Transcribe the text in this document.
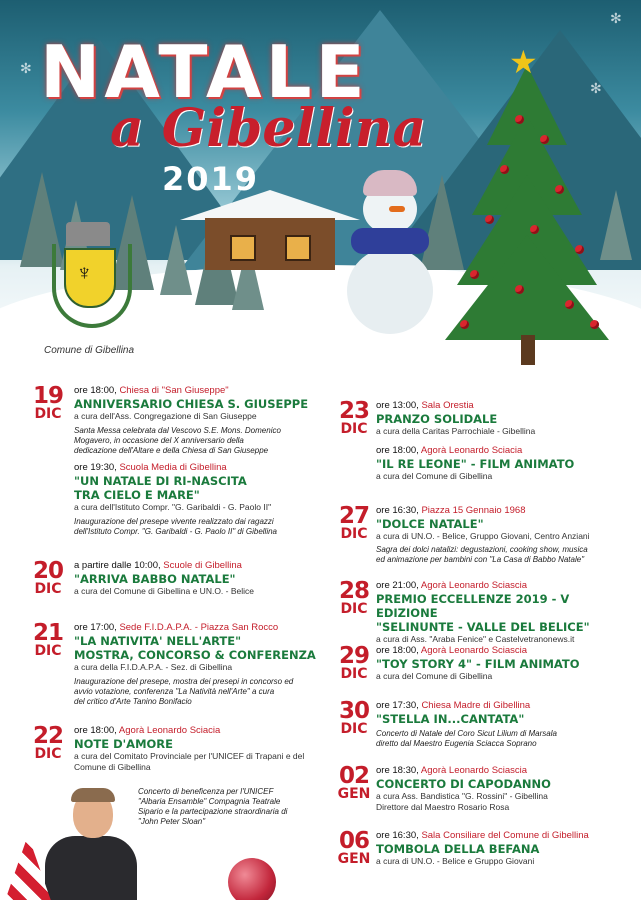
✻
✻
✻
★
NATALE
a Gibellina
2019
♆
Comune di Gibellina
19
DIC
ore 18:00, Chiesa di "San Giuseppe"
ANNIVERSARIO CHIESA S. GIUSEPPE
a cura dell'Ass. Congregazione di San Giuseppe
Santa Messa celebrata dal Vescovo S.E. Mons. Domenico
Mogavero, in occasione del X anniversario della
dedicazione dell'Altare e della Chiesa di San Giuseppe
ore 19:30, Scuola Media di Gibellina
"UN NATALE DI RI-NASCITA
TRA CIELO E MARE"
a cura dell'Istituto Compr. "G. Garibaldi - G. Paolo II"
Inaugurazione del presepe vivente realizzato dai ragazzi
dell'Istituto Compr. "G. Garibaldi - G. Paolo II" di Gibellina
20
DIC
a partire dalle 10:00, Scuole di Gibellina
"ARRIVA BABBO NATALE"
a cura del Comune di Gibellina e UN.O. - Belice
21
DIC
ore 17:00, Sede F.I.D.A.P.A. - Piazza San Rocco
"LA NATIVITA' NELL'ARTE"
MOSTRA, CONCORSO & CONFERENZA
a cura della F.I.D.A.P.A. - Sez. di Gibellina
Inaugurazione del presepe, mostra dei presepi in concorso ed
avvio votazione, conferenza "La Natività nell'Arte" a cura
del critico d'Arte Tanino Bonifacio
22
DIC
ore 18:00, Agorà Leonardo Sciacia
NOTE D'AMORE
a cura del Comitato Provinciale per l'UNICEF di Trapani e del Comune di Gibellina
Concerto di beneficenza per l'UNICEF
"Albaria Ensamble" Compagnia Teatrale
Sipario e la partecipazione straordinaria di
"John Peter Sloan"
23
DIC
ore 13:00, Sala Orestia
PRANZO SOLIDALE
a cura della Caritas Parrochiale - Gibellina
ore 18:00, Agorà Leonardo Sciacia
"IL RE LEONE" - FILM ANIMATO
a cura del Comune di Gibellina
27
DIC
ore 16:30, Piazza 15 Gennaio 1968
"DOLCE NATALE"
a cura di UN.O. - Belice, Gruppo Giovani, Centro Anziani
Sagra dei dolci natalizi: degustazioni, cooking show, musica
ed animazione per bambini con "La Casa di Babbo Natale"
28
DIC
ore 21:00, Agorà Leonardo Sciascia
PREMIO ECCELLENZE 2019 - V EDIZIONE
"SELINUNTE - VALLE DEL BELICE"
a cura di Ass. "Araba Fenice" e Castelvetranonews.it
29
DIC
ore 18:00, Agorà Leonardo Sciascia
"TOY STORY 4" - FILM ANIMATO
a cura del Comune di Gibellina
30
DIC
ore 17:30, Chiesa Madre di Gibellina
"STELLA IN...CANTATA"
Concerto di Natale del Coro Sicut Lilium di Marsala
diretto dal Maestro Eugenia Sciacca Soprano
02
GEN
ore 18:30, Agorà Leonardo Sciascia
CONCERTO DI CAPODANNO
a cura Ass. Bandistica "G. Rossini" - Gibellina
Direttore dal Maestro Rosario Rosa
06
GEN
ore 16:30, Sala Consiliare del Comune di Gibellina
TOMBOLA DELLA BEFANA
a cura di UN.O. - Belice e Gruppo Giovani
